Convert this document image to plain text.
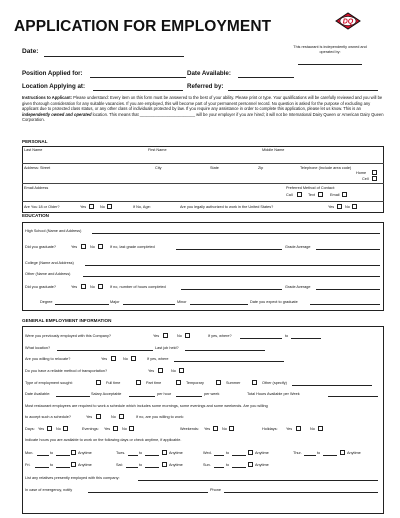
DQ
APPLICATION FOR EMPLOYMENT
This restaurant is independently owned and operated by:
Date:
Position Applied for:	Date Available:
Location Applying at:	Referred by:
Instructions to Applicant: Please understand: Every item on this form must be answered to the best of your ability. Please print or type. Your qualifications will be carefully reviewed and you will be given thorough consideration for any suitable vacancies. If you are employed, this will become part of your permanent personnel record. No question is asked for the purpose of excluding any applicant due to protected class status, or any other class of individuals protected by law. If you require any assistance in order to complete this application, please let us know. This is an independently owned and operated location. This means that ________________________ will be your employer if you are hired; it will not be International Dairy Queen or American Dairy Queen Corporation.
PERSONAL
Last Name	First Name	Middle Name
Address: Street	City	State	Zip	Telephone (Include area code)
Home
Cell
Email Address	Preferred Method of Contact:
Call	Text	Email
Are You 18 or Older?	Yes	No	If No, Age:	Are you legally authorized to work in the United States?	Yes	No
EDUCATION
High School (Name and Address)
Did you graduate?	Yes	No	If no, last grade completed	Grade Average
College (Name and Address)
Other (Name and Address)
Did you graduate?	Yes	No	If no, number of hours completed	Grade Average
Degree	Major	Minor	Date you expect to graduate
GENERAL EMPLOYMENT INFORMATION
Were you previously employed with this Company?	Yes	No	If yes, where?	to
What location?	Last job held?
Are you willing to relocate?	Yes	No	If yes, where
Do you have a reliable method of transportation?	Yes	No
Type of employment sought:	Full time	Part time	Temporary	Summer	Other (specify)
Date Available:	Salary Acceptable	per hour	per week	Total Hours Available per Week
Most restaurant employees are required to work a schedule which includes some mornings, some evenings and some weekends. Are you willing
to accept such a schedule?	Yes	No	If no, are you willing to work:
Days: Yes	No	Evenings: Yes	No	Weekends: Yes	No	Holidays: Yes	No
Indicate hours you are available to work on the following days or check anytime, if applicable.
Mon.	to	Anytime	Tues.	to	Anytime	Wed.	to	Anytime	Thur.	to	Anytime
Fri.	to	Anytime	Sat:	to	Anytime	Sun.	to	Anytime
List any relatives presently employed with this company:
In case of emergency, notify	Phone
